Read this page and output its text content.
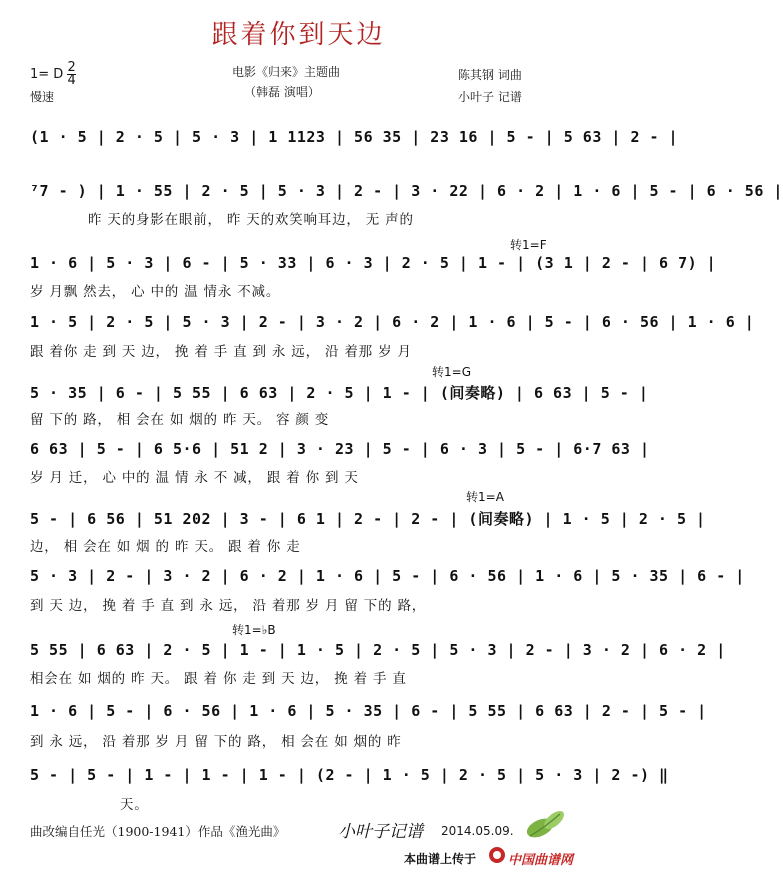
跟着你到天边
1= D $\frac{2}{4}$
慢速
电影《归来》主题曲
（韩磊 演唱）
陈其钢 词曲
小叶子 记谱
(1 · 5 | 2 · 5 | 5 · 3 | 1 1123 | 56 35 | 23 16 | 5 - | 5 63 | 2 - |
⁷7 - ) | 1 · 55 | 2 · 5 | 5 · 3 | 2 - | 3 · 22 | 6 · 2 | 1 · 6 | 5 - | 6 · 56 |
昨 天的身影在眼前， 昨 天的欢笑响耳边， 无 声的
转1=F
1 · 6 | 5 · 3 | 6 - | 5 · 33 | 6 · 3 | 2 · 5 | 1 - | (3 1 | 2 - | 6 7) |
岁 月飘 然去， 心 中的 温 情永 不减。
1 · 5 | 2 · 5 | 5 · 3 | 2 - | 3 · 2 | 6 · 2 | 1 · 6 | 5 - | 6 · 56 | 1 · 6 |
跟 着你 走 到 天 边， 挽 着 手 直 到 永 远， 沿 着那 岁 月
转1=G
5 · 35 | 6 - | 5 55 | 6 63 | 2 · 5 | 1 - | (间奏略) | 6 63 | 5 - |
留 下的 路， 相 会在 如 烟的 昨 天。 容 颜 变
6 63 | 5 - | 6 5·6 | 51 2 | 3 · 23 | 5 - | 6 · 3 | 5 - | 6·7 63 |
岁 月 迁， 心 中的 温 情 永 不 减， 跟 着 你 到 天
转1=A
5 - | 6 56 | 51 202 | 3 - | 6 1 | 2 - | 2 - | (间奏略) | 1 · 5 | 2 · 5 |
边， 相 会在 如 烟 的 昨 天。 跟 着 你 走
5 · 3 | 2 - | 3 · 2 | 6 · 2 | 1 · 6 | 5 - | 6 · 56 | 1 · 6 | 5 · 35 | 6 - |
到 天 边， 挽 着 手 直 到 永 远， 沿 着那 岁 月 留 下的 路，
转1=♭B
5 55 | 6 63 | 2 · 5 | 1 - | 1 · 5 | 2 · 5 | 5 · 3 | 2 - | 3 · 2 | 6 · 2 |
相会在 如 烟的 昨 天。 跟 着 你 走 到 天 边， 挽 着 手 直
1 · 6 | 5 - | 6 · 56 | 1 · 6 | 5 · 35 | 6 - | 5 55 | 6 63 | 2 - | 5 - |
到 永 远， 沿 着那 岁 月 留 下的 路， 相 会在 如 烟的 昨
5 - | 5 - | 1 - | 1 - | 1 - | (2 - | 1 · 5 | 2 · 5 | 5 · 3 | 2 -) ‖
天。
曲改编自任光（1900-1941）作品《渔光曲》	小叶子记谱 2014.05.09.
本曲谱上传于 中国曲谱网
